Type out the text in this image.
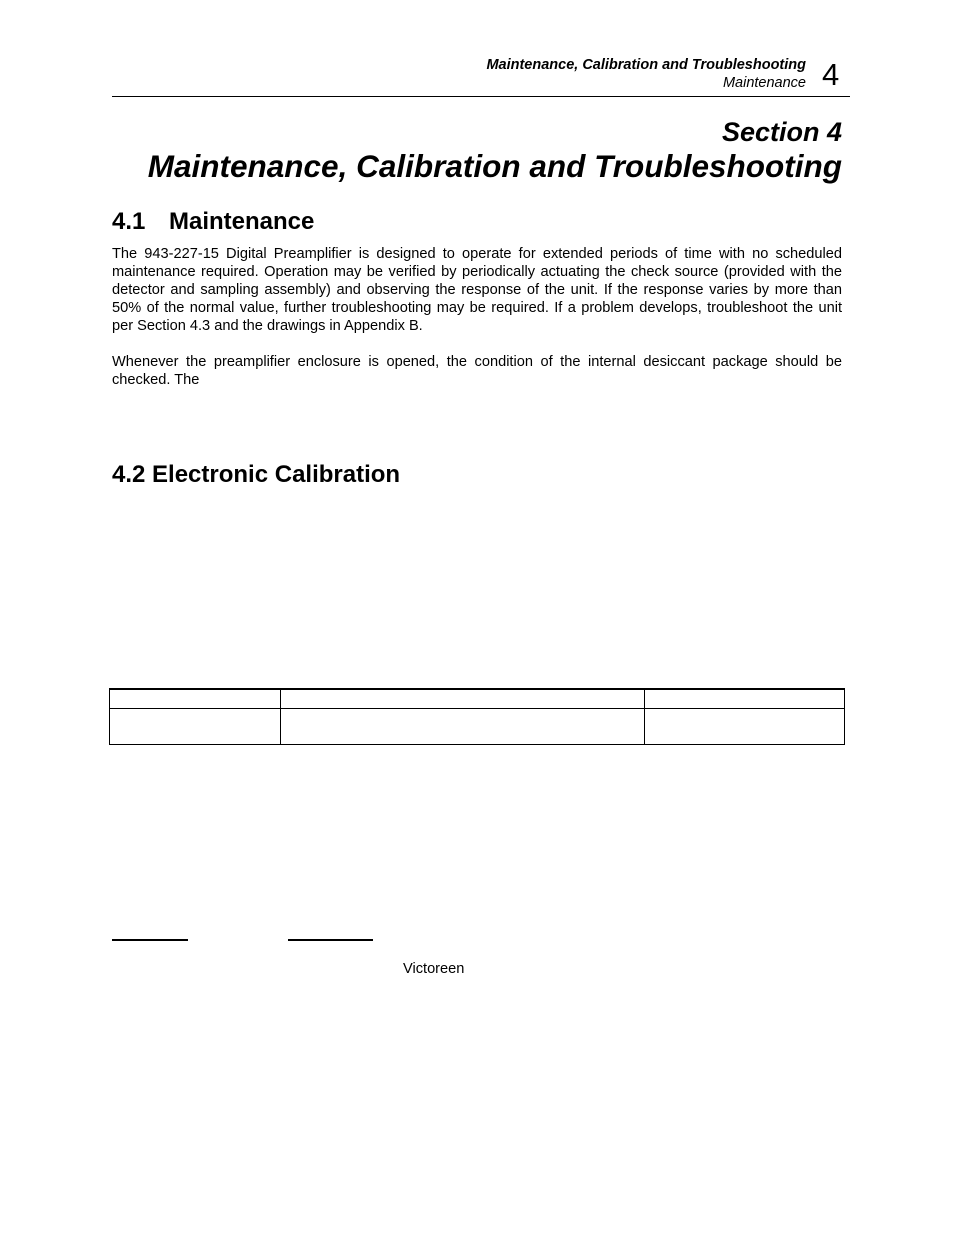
Maintenance, Calibration and Troubleshooting
Maintenance 4
Section 4
Maintenance, Calibration and Troubleshooting
4.1 Maintenance
The 943-227-15 Digital Preamplifier is designed to operate for extended periods of time with no scheduled maintenance required. Operation may be verified by periodically actuating the check source (provided with the detector and sampling assembly) and observing the response of the unit. If the response varies by more than 50% of the normal value, further troubleshooting may be required. If a problem develops, troubleshoot the unit per Section 4.3 and the drawings in Appendix B.
Whenever the preamplifier enclosure is opened, the condition of the internal desiccant package should be checked. The
4.2 Electronic Calibration

Victoreen
